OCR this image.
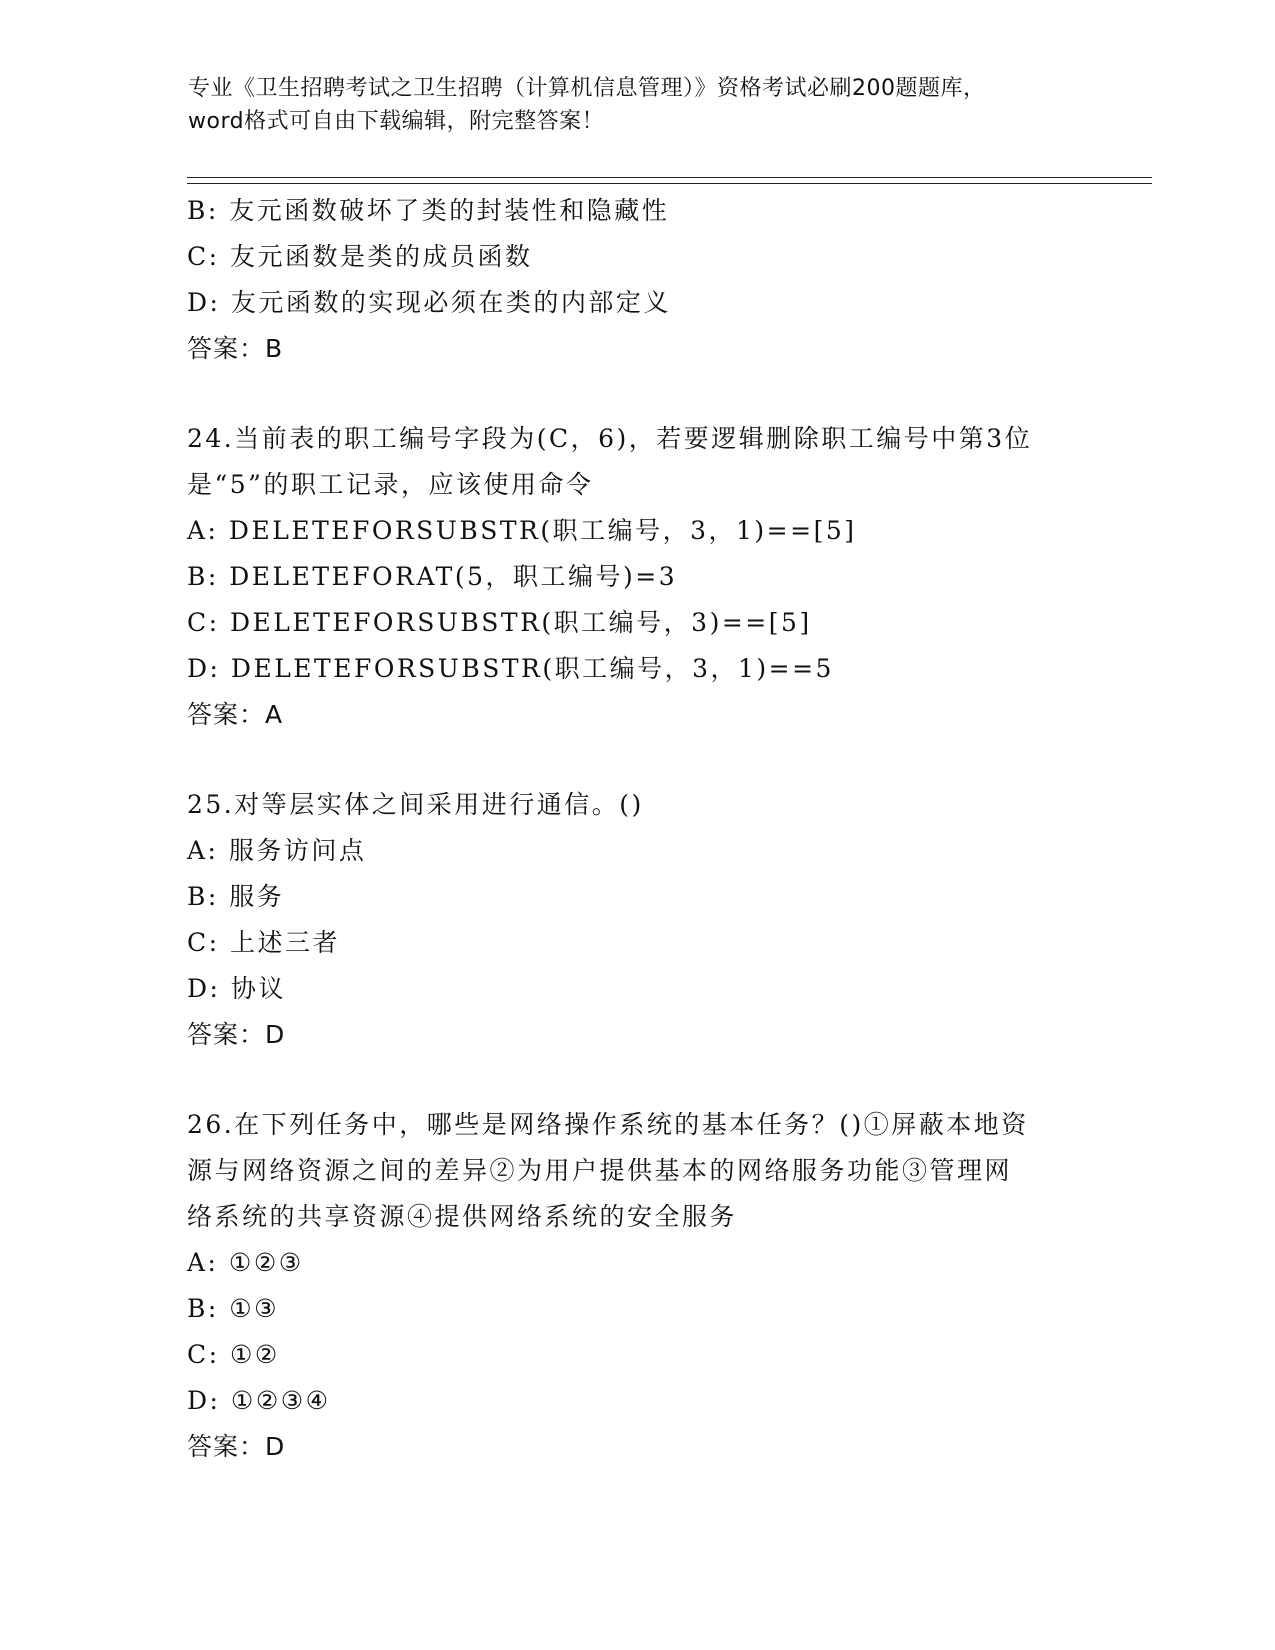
专业《卫生招聘考试之卫生招聘（计算机信息管理）》资格考试必刷200题题库，
word格式可自由下载编辑，附完整答案！

B: 友元函数破坏了类的封装性和隐藏性

C: 友元函数是类的成员函数

D: 友元函数的实现必须在类的内部定义

答案：B

24.当前表的职工编号字段为(C，6)，若要逻辑删除职工编号中第3位

是“5”的职工记录，应该使用命令

A: DELETEFORSUBSTR(职工编号，3，1)==[5]

B: DELETEFORAT(5，职工编号)=3

C: DELETEFORSUBSTR(职工编号，3)==[5]

D: DELETEFORSUBSTR(职工编号，3，1)==5

答案：A

25.对等层实体之间采用进行通信。()

A: 服务访问点

B: 服务

C: 上述三者

D: 协议

答案：D

26.在下列任务中，哪些是网络操作系统的基本任务？()①屏蔽本地资

源与网络资源之间的差异②为用户提供基本的网络服务功能③管理网

络系统的共享资源④提供网络系统的安全服务

A: ①②③

B: ①③

C: ①②

D: ①②③④

答案：D
